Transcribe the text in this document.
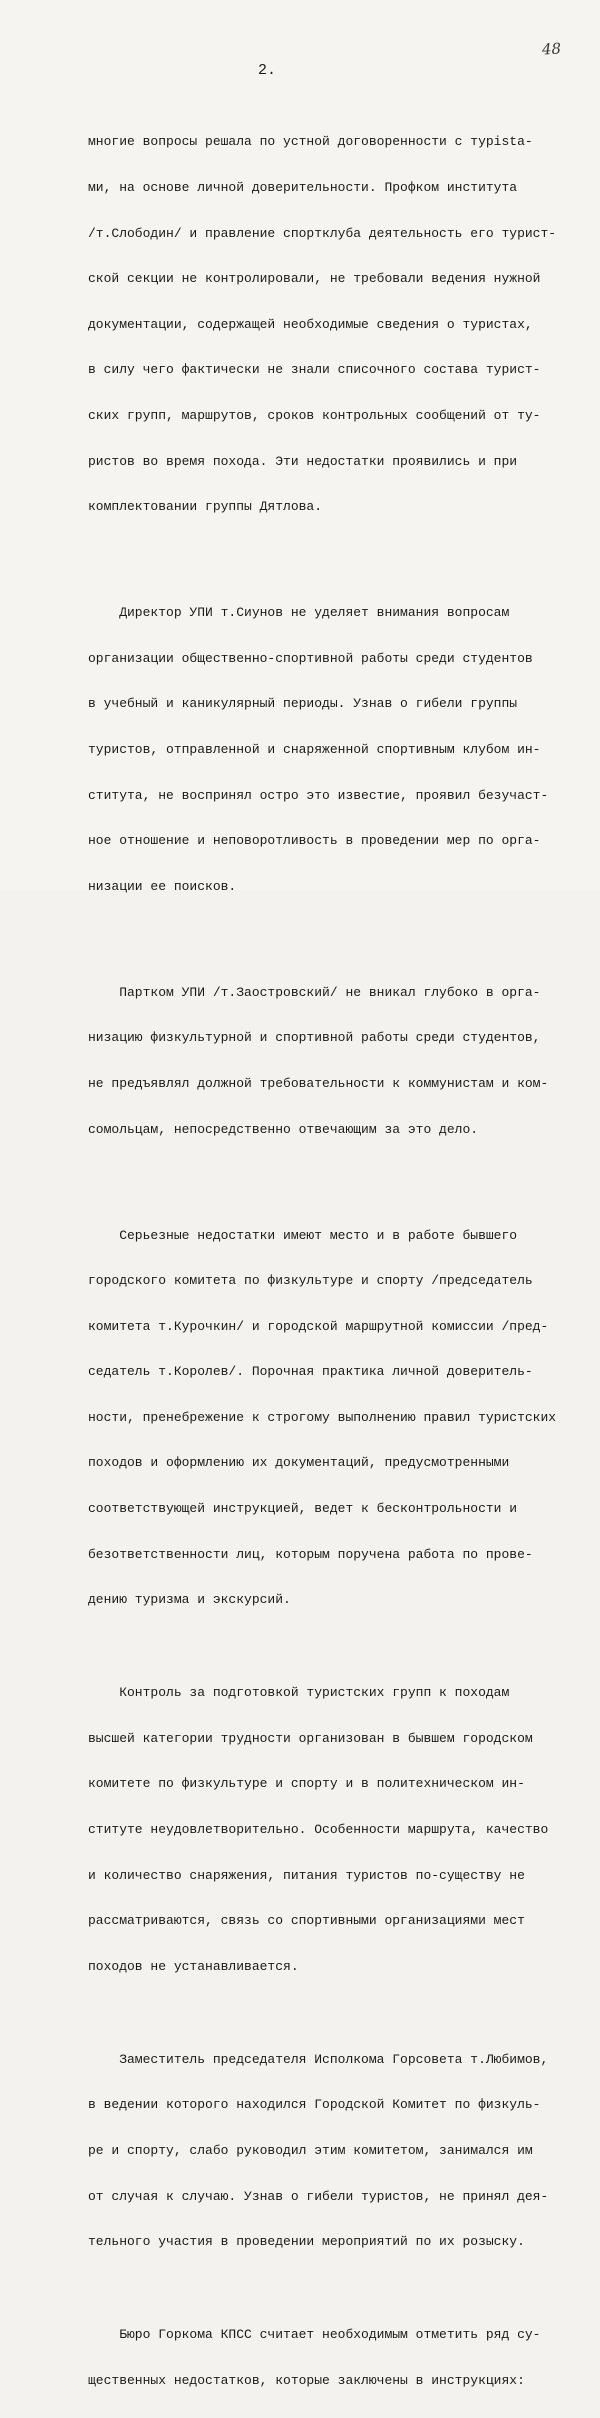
48
2.

многие вопросы решала по устной договоренности с турista-

ми, на основе личной доверительности. Профком института

/т.Слободин/ и правление спортклуба деятельность его турист-

ской секции не контролировали, не требовали ведения нужной

документации, содержащей необходимые сведения о туристах,

в силу чего фактически не знали списочного состава турист-

ских групп, маршрутов, сроков контрольных сообщений от ту-

ристов во время похода. Эти недостатки проявились и при

комплектовании группы Дятлова.

Директор УПИ т.Сиунов не уделяет внимания вопросам

организации общественно-спортивной работы среди студентов

в учебный и каникулярный периоды. Узнав о гибели группы

туристов, отправленной и снаряженной спортивным клубом ин-

ститута, не воспринял остро это известие, проявил безучаст-

ное отношение и неповоротливость в проведении мер по орга-

низации ее поисков.

Партком УПИ /т.Заостровский/ не вникал глубоко в орга-

низацию физкультурной и спортивной работы среди студентов,

не предъявлял должной требовательности к коммунистам и ком-

сомольцам, непосредственно отвечающим за это дело.

Серьезные недостатки имеют место и в работе бывшего

городского комитета по физкультуре и спорту /председатель

комитета т.Курочкин/ и городской маршрутной комиссии /пред-

седатель т.Королев/. Порочная практика личной доверитель-

ности, пренебрежение к строгому выполнению правил туристских

походов и оформлению их документаций, предусмотренными

соответствующей инструкцией, ведет к бесконтрольности и

безответственности лиц, которым поручена работа по прове-

дению туризма и экскурсий.

Контроль за подготовкой туристских групп к походам

высшей категории трудности организован в бывшем городском

комитете по физкультуре и спорту и в политехническом ин-

ституте неудовлетворительно. Особенности маршрута, качество

и количество снаряжения, питания туристов по-существу не

рассматриваются, связь со спортивными организациями мест

походов не устанавливается.

Заместитель председателя Исполкома Горсовета т.Любимов,

в ведении которого находился Городской Комитет по физкуль-

ре и спорту, слабо руководил этим комитетом, занимался им

от случая к случаю. Узнав о гибели туристов, не принял дея-

тельного участия в проведении мероприятий по их розыску.

Бюро Горкома КПСС считает необходимым отметить ряд су-

щественных недостатков, которые заключены в инструкциях:
